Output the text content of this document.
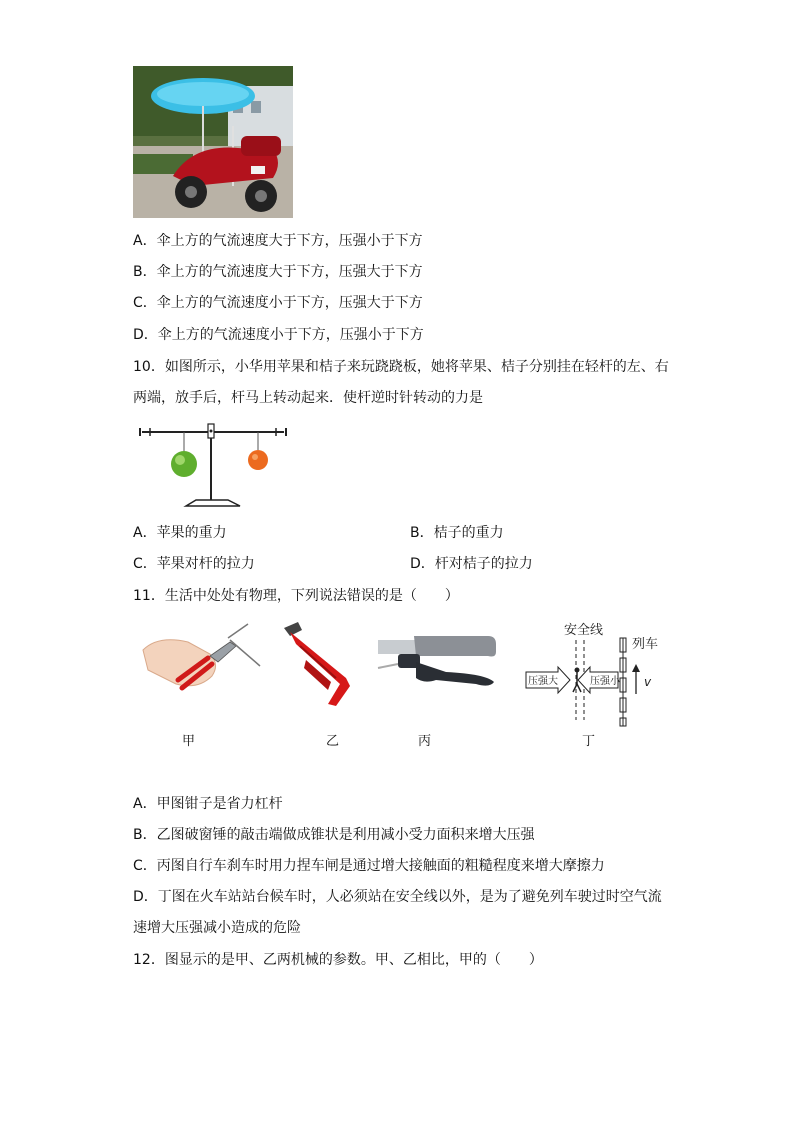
A．伞上方的气流速度大于下方，压强小于下方
B．伞上方的气流速度大于下方，压强大于下方
C．伞上方的气流速度小于下方，压强大于下方
D．伞上方的气流速度小于下方，压强小于下方
10．如图所示，小华用苹果和桔子来玩跷跷板，她将苹果、桔子分别挂在轻杆的左、右
两端，放手后，杆马上转动起来．使杆逆时针转动的力是
A．苹果的重力	B．桔子的重力
C．苹果对杆的拉力	D．杆对桔子的拉力
11．生活中处处有物理，下列说法错误的是（　　）
安全线
列车
压强大	压强小 v
甲	乙	丙	丁
A．甲图钳子是省力杠杆
B．乙图破窗锤的敲击端做成锥状是利用减小受力面积来增大压强
C．丙图自行车刹车时用力捏车闸是通过增大接触面的粗糙程度来增大摩擦力
D．丁图在火车站站台候车时，人必须站在安全线以外，是为了避免列车驶过时空气流
速增大压强减小造成的危险
12．图显示的是甲、乙两机械的参数。甲、乙相比，甲的（　　）
